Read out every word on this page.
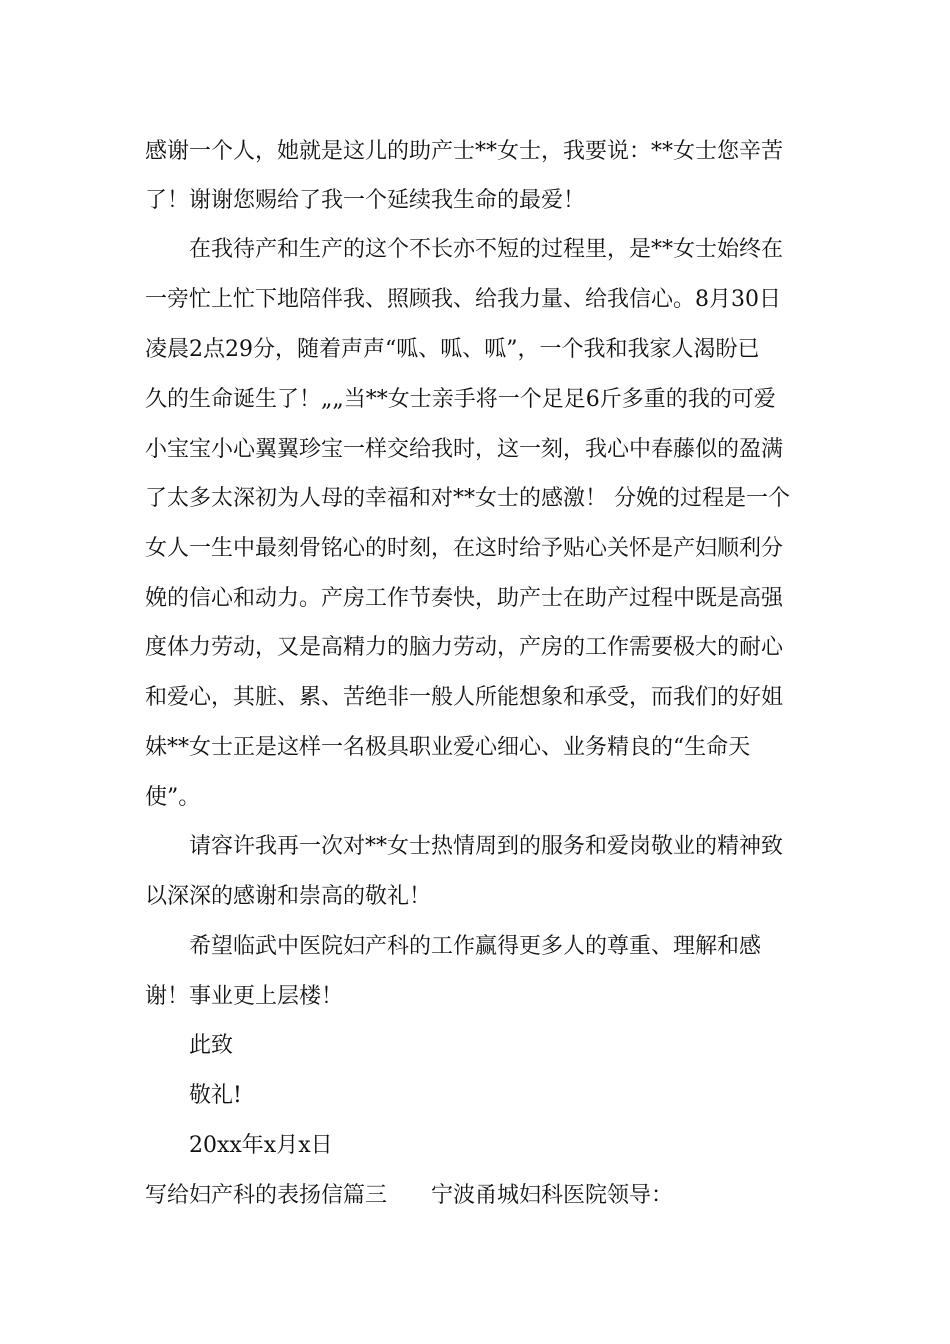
感谢一个人，她就是这儿的助产士**女士，我要说：**女士您辛苦
了！谢谢您赐给了我一个延续我生命的最爱！
在我待产和生产的这个不长亦不短的过程里，是**女士始终在
一旁忙上忙下地陪伴我、照顾我、给我力量、给我信心。8月30日
凌晨2点29分，随着声声“呱、呱、呱”，一个我和我家人渴盼已
久的生命诞生了！„„当**女士亲手将一个足足6斤多重的我的可爱
小宝宝小心翼翼珍宝一样交给我时，这一刻，我心中春藤似的盈满
了太多太深初为人母的幸福和对**女士的感激！ 分娩的过程是一个
女人一生中最刻骨铭心的时刻，在这时给予贴心关怀是产妇顺利分
娩的信心和动力。产房工作节奏快，助产士在助产过程中既是高强
度体力劳动，又是高精力的脑力劳动，产房的工作需要极大的耐心
和爱心，其脏、累、苦绝非一般人所能想象和承受，而我们的好姐
妹**女士正是这样一名极具职业爱心细心、业务精良的“生命天
使”。
请容许我再一次对**女士热情周到的服务和爱岗敬业的精神致
以深深的感谢和崇高的敬礼！
希望临武中医院妇产科的工作赢得更多人的尊重、理解和感
谢！事业更上层楼！
此致
敬礼!
20xx年x月x日
写给妇产科的表扬信篇三　　宁波甬城妇科医院领导：
